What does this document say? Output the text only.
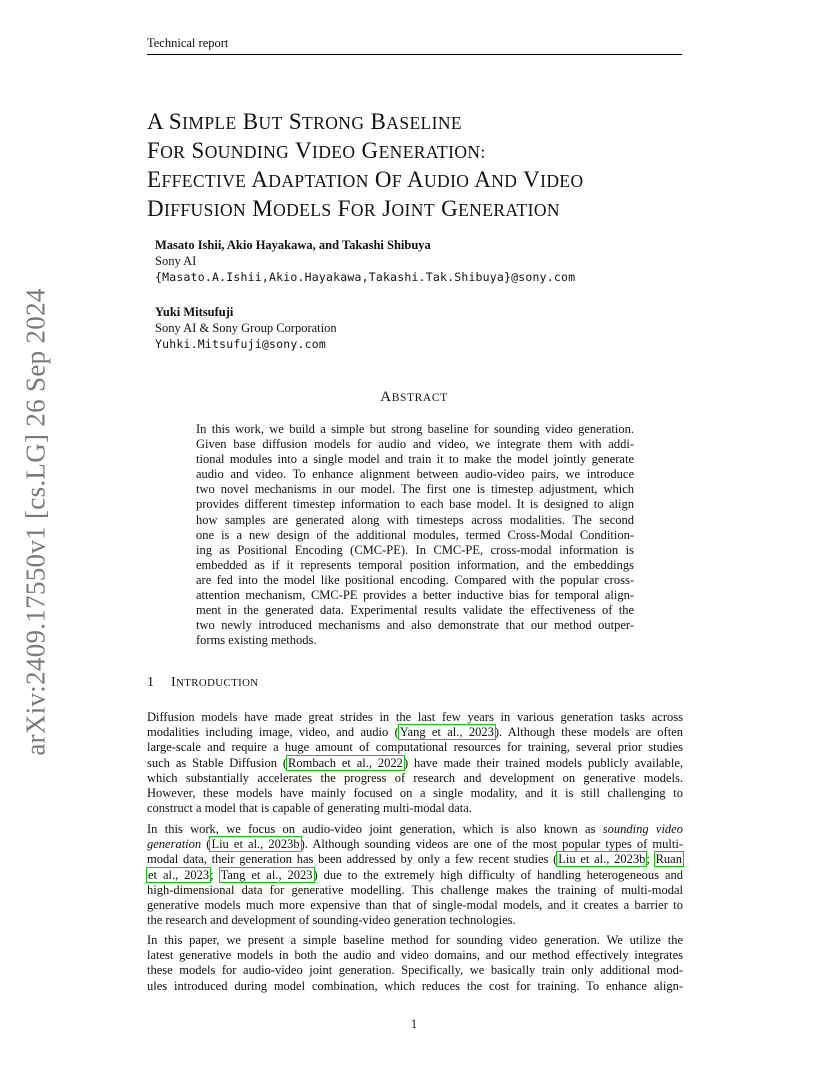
Technical report
arXiv:2409.17550v1 [cs.LG] 26 Sep 2024
A SIMPLE BUT STRONG BASELINE
FOR SOUNDING VIDEO GENERATION:
EFFECTIVE ADAPTATION OF AUDIO AND VIDEO
DIFFUSION MODELS FOR JOINT GENERATION
Masato Ishii, Akio Hayakawa, and Takashi Shibuya
Sony AI
{Masato.A.Ishii,Akio.Hayakawa,Takashi.Tak.Shibuya}@sony.com
Yuki Mitsufuji
Sony AI & Sony Group Corporation
Yuhki.Mitsufuji@sony.com
ABSTRACT
In this work, we build a simple but strong baseline for sounding video generation.
Given base diffusion models for audio and video, we integrate them with addi-
tional modules into a single model and train it to make the model jointly generate
audio and video. To enhance alignment between audio-video pairs, we introduce
two novel mechanisms in our model. The first one is timestep adjustment, which
provides different timestep information to each base model. It is designed to align
how samples are generated along with timesteps across modalities. The second
one is a new design of the additional modules, termed Cross-Modal Condition-
ing as Positional Encoding (CMC-PE). In CMC-PE, cross-modal information is
embedded as if it represents temporal position information, and the embeddings
are fed into the model like positional encoding. Compared with the popular cross-
attention mechanism, CMC-PE provides a better inductive bias for temporal align-
ment in the generated data. Experimental results validate the effectiveness of the
two newly introduced mechanisms and also demonstrate that our method outper-
forms existing methods.
1 INTRODUCTION
Diffusion models have made great strides in the last few years in various generation tasks across
modalities including image, video, and audio (Yang et al., 2023). Although these models are often
large-scale and require a huge amount of computational resources for training, several prior studies
such as Stable Diffusion (Rombach et al., 2022) have made their trained models publicly available,
which substantially accelerates the progress of research and development on generative models.
However, these models have mainly focused on a single modality, and it is still challenging to
construct a model that is capable of generating multi-modal data.
In this work, we focus on audio-video joint generation, which is also known as sounding video
generation (Liu et al., 2023b). Although sounding videos are one of the most popular types of multi-
modal data, their generation has been addressed by only a few recent studies (Liu et al., 2023b; Ruan
et al., 2023; Tang et al., 2023) due to the extremely high difficulty of handling heterogeneous and
high-dimensional data for generative modelling. This challenge makes the training of multi-modal
generative models much more expensive than that of single-modal models, and it creates a barrier to
the research and development of sounding-video generation technologies.
In this paper, we present a simple baseline method for sounding video generation. We utilize the
latest generative models in both the audio and video domains, and our method effectively integrates
these models for audio-video joint generation. Specifically, we basically train only additional mod-
ules introduced during model combination, which reduces the cost for training. To enhance align-
1
